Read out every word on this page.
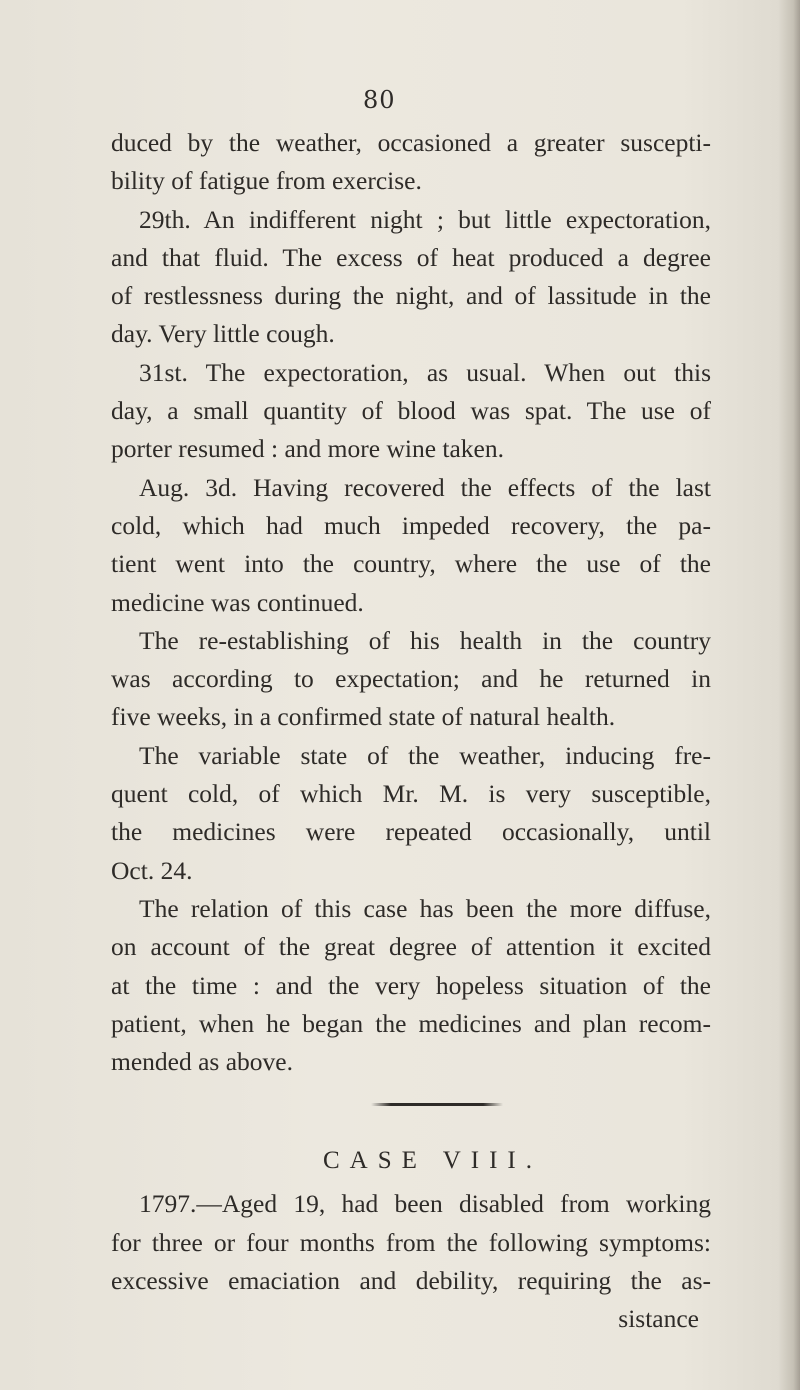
80
duced by the weather, occasioned a greater suscepti-
bility of fatigue from exercise.
29th. An indifferent night ; but little expectoration,
and that fluid. The excess of heat produced a degree
of restlessness during the night, and of lassitude in the
day. Very little cough.
31st. The expectoration, as usual. When out this
day, a small quantity of blood was spat. The use of
porter resumed : and more wine taken.
Aug. 3d. Having recovered the effects of the last
cold, which had much impeded recovery, the pa-
tient went into the country, where the use of the
medicine was continued.
The re-establishing of his health in the country
was according to expectation; and he returned in
five weeks, in a confirmed state of natural health.
The variable state of the weather, inducing fre-
quent cold, of which Mr. M. is very susceptible,
the medicines were repeated occasionally, until
Oct. 24.
The relation of this case has been the more diffuse,
on account of the great degree of attention it excited
at the time : and the very hopeless situation of the
patient, when he began the medicines and plan recom-
mended as above.
CASE VIII.
1797.—Aged 19, had been disabled from working
for three or four months from the following symptoms:
excessive emaciation and debility, requiring the as-
sistance
